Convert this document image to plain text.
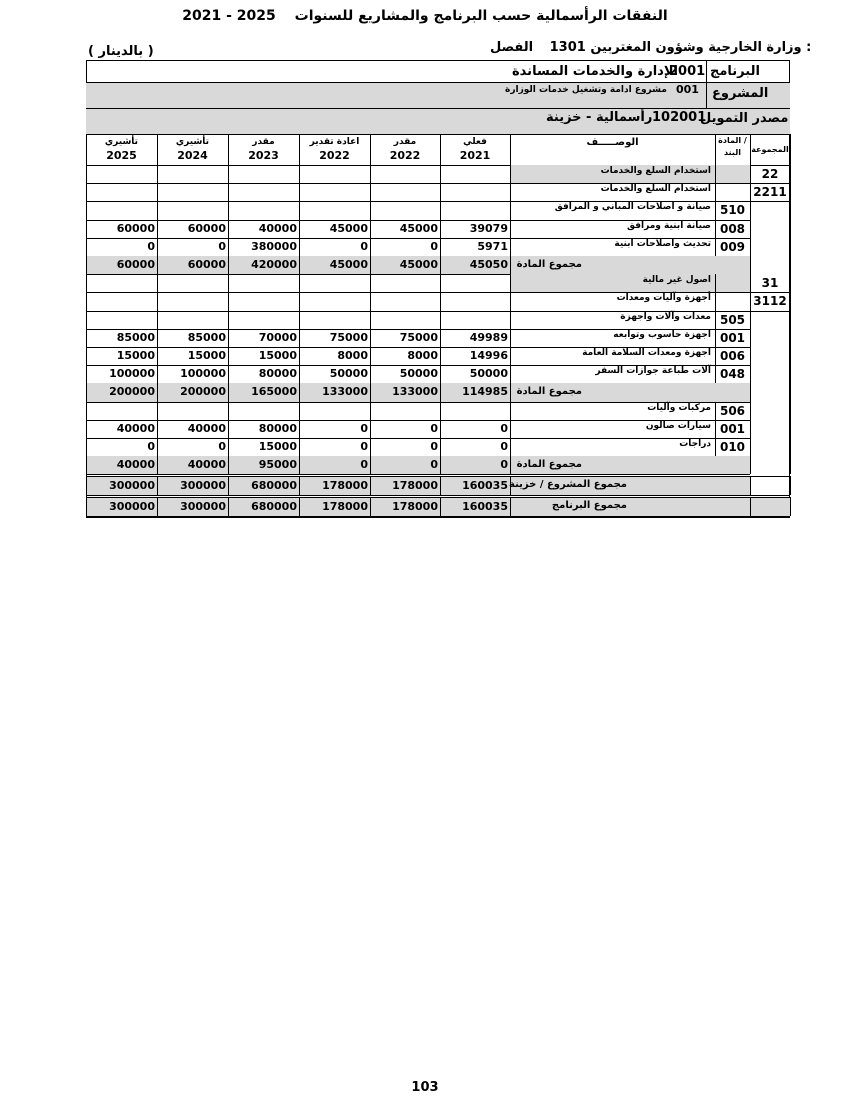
2021 - 2025 النفقات الرأسمالية حسب البرنامج والمشاريع للسنوات
وزارة الخارجية وشؤون المغتربين 1301 الفصل :
( بالدينار )
البرنامج
2001
الإدارة والخدمات المساندة
المشروع
001
مشروع ادامة وتشغيل خدمات الوزارة
مصدر التمويل
102001
رأسمالية - خزينة
تأشيري
2025
تأشيري
2024
مقدر
2023
اعادة تقدير
2022
مقدر
2022
فعلي
2021
الوصـــــف	المادة /
البند	المجموعة
22
استخدام السلع والخدمات
2211
استخدام السلع والخدمات
510
صيانة و اصلاحات المباني و المرافق
008
صيانة ابنية ومرافق
39079
45000
45000
40000
60000
60000
009
تحديث واصلاحات ابنية
5971
0
0
380000
0
0
مجموع المادة
45050
45000
45000
420000
60000
60000
31
اصول غير مالية
3112
أجهزة وآليات ومعدات
505
معدات وآلات واجهزة
001
اجهزة حاسوب وتوابعه
49989
75000
75000
70000
85000
85000
006
اجهزة ومعدات السلامة العامة
14996
8000
8000
15000
15000
15000
048
آلات طباعة جوازات السفر
50000
50000
50000
80000
100000
100000
مجموع المادة
114985
133000
133000
165000
200000
200000
506
مركبات وآليات
001
سيارات صالون
0
0
0
80000
40000
40000
010
دراجات
0
0
0
15000
0
0
مجموع المادة
0
0
0
95000
40000
40000
مجموع المشروع / خزينة
160035
178000
178000
680000
300000
300000
مجموع البرنامج
160035
178000
178000
680000
300000
300000
103
